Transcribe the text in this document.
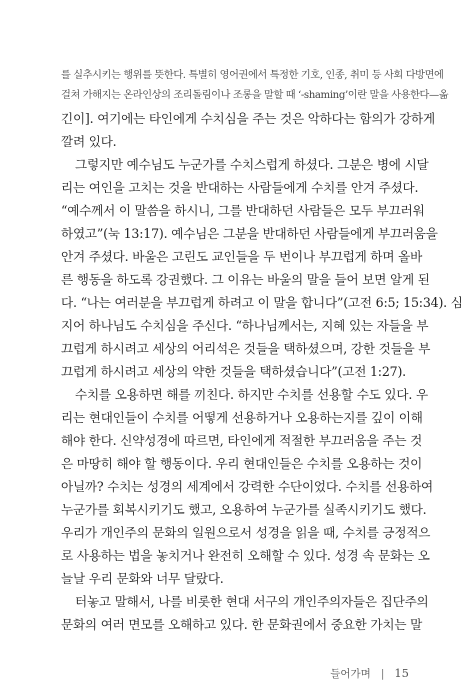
를 실추시키는 행위를 뜻한다. 특별히 영어권에서 특정한 기호, 인종, 취미 등 사회 다방면에
걸쳐 가해지는 온라인상의 조리돌림이나 조롱을 말할 때 ‘-shaming’이란 말을 사용한다—옮
긴이]. 여기에는 타인에게 수치심을 주는 것은 악하다는 함의가 강하게
깔려 있다.
그렇지만 예수님도 누군가를 수치스럽게 하셨다. 그분은 병에 시달
리는 여인을 고치는 것을 반대하는 사람들에게 수치를 안겨 주셨다.
“예수께서 이 말씀을 하시니, 그를 반대하던 사람들은 모두 부끄러워
하였고”(눅 13:17). 예수님은 그분을 반대하던 사람들에게 부끄러움을
안겨 주셨다. 바울은 고린도 교인들을 두 번이나 부끄럽게 하며 올바
른 행동을 하도록 강권했다. 그 이유는 바울의 말을 들어 보면 알게 된
다. “나는 여러분을 부끄럽게 하려고 이 말을 합니다”(고전 6:5; 15:34). 심
지어 하나님도 수치심을 주신다. “하나님께서는, 지혜 있는 자들을 부
끄럽게 하시려고 세상의 어리석은 것들을 택하셨으며, 강한 것들을 부
끄럽게 하시려고 세상의 약한 것들을 택하셨습니다”(고전 1:27).
수치를 오용하면 해를 끼친다. 하지만 수치를 선용할 수도 있다. 우
리는 현대인들이 수치를 어떻게 선용하거나 오용하는지를 깊이 이해
해야 한다. 신약성경에 따르면, 타인에게 적절한 부끄러움을 주는 것
은 마땅히 해야 할 행동이다. 우리 현대인들은 수치를 오용하는 것이
아닐까? 수치는 성경의 세계에서 강력한 수단이었다. 수치를 선용하여
누군가를 회복시키기도 했고, 오용하여 누군가를 실족시키기도 했다.
우리가 개인주의 문화의 일원으로서 성경을 읽을 때, 수치를 긍정적으
로 사용하는 법을 놓치거나 완전히 오해할 수 있다. 성경 속 문화는 오
늘날 우리 문화와 너무 달랐다.
터놓고 말해서, 나를 비롯한 현대 서구의 개인주의자들은 집단주의
문화의 여러 면모를 오해하고 있다. 한 문화권에서 중요한 가치는 말
들어가며 | 15
